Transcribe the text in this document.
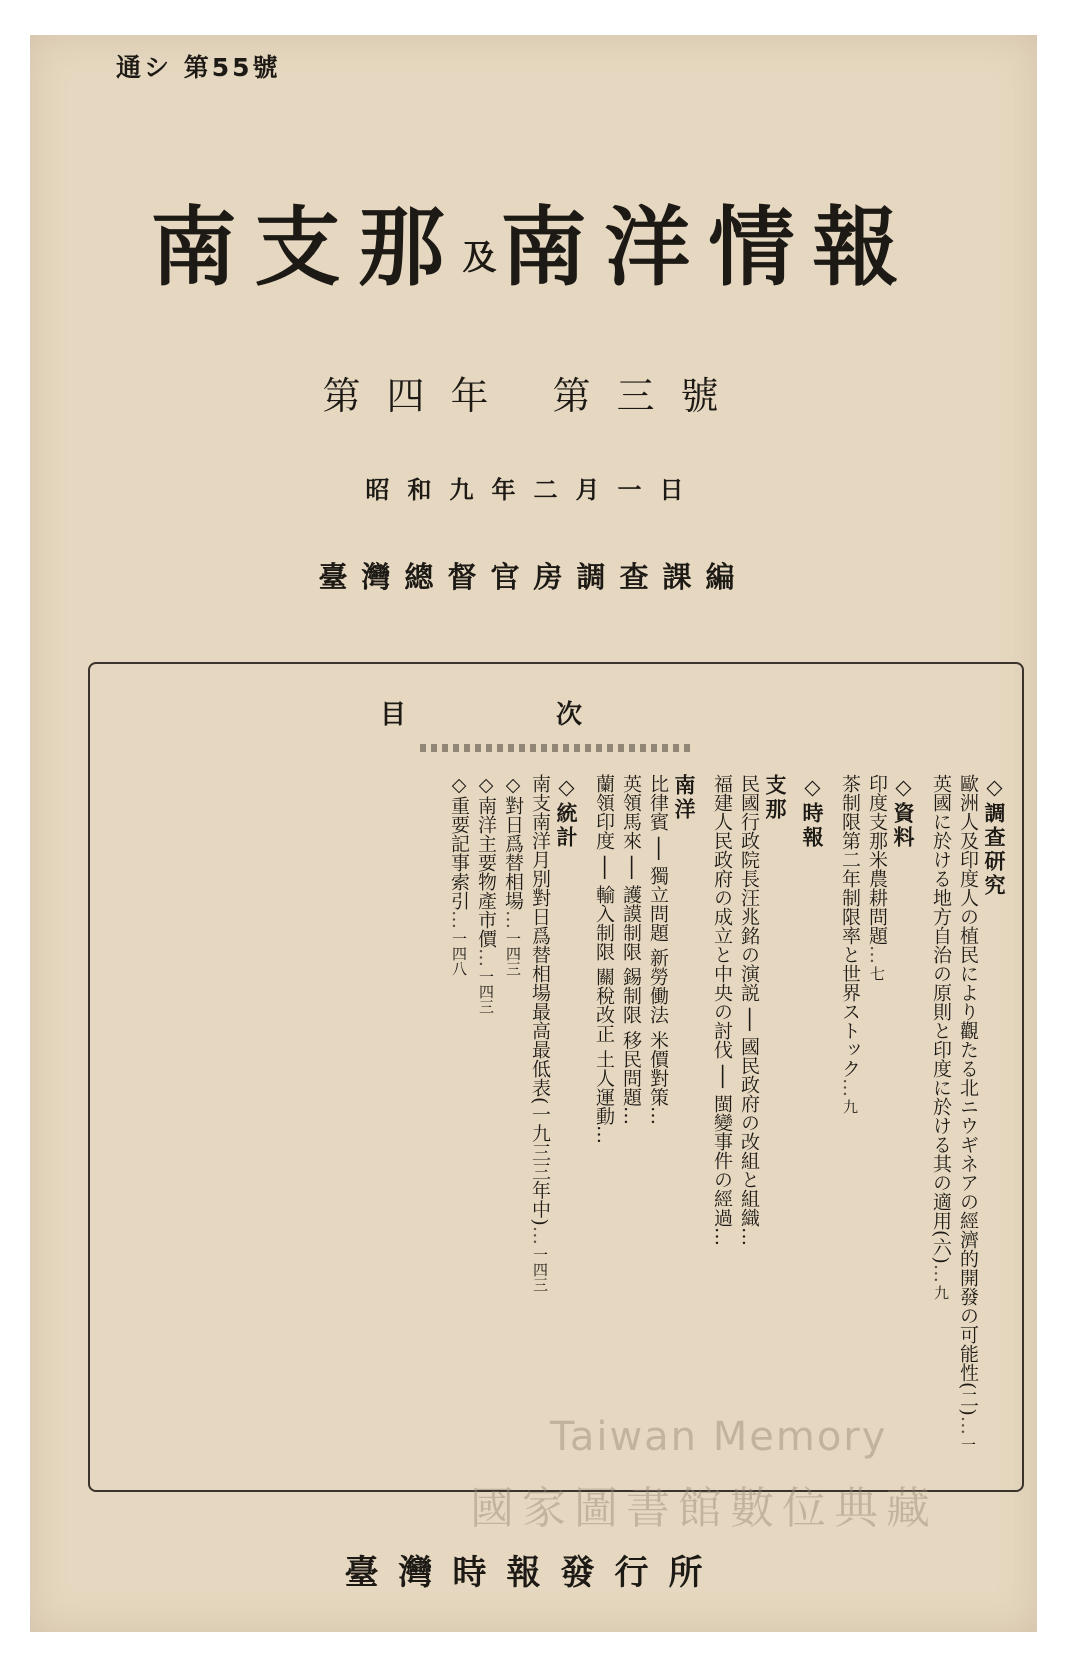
通シ 第55號
南支那及南洋情報
第四年 第三號
昭和九年二月一日
臺灣總督官房調查課編
目次
◇調查研究
歐洲人及印度人の植民により觀たる北ニウギネアの經濟的開發の可能性(二)…一
英國に於ける地方自治の原則と印度に於ける其の適用(六)…九
◇資料
印度支那米農耕問題…七
茶制限第二年制限率と世界ストック…九
◇時報
支那
民國行政院長汪兆銘の演説 ── 國民政府の改組と組織…
福建人民政府の成立と中央の討伐 ── 閩變事件の經過…
南洋
比律賓 ── 獨立問題 新勞働法 米價對策…
英領馬來 ── 護謨制限 錫制限 移民問題…
蘭領印度 ── 輸入制限 關稅改正 土人運動…
◇統計
南支南洋月別對日爲替相場最高最低表(一九三三年中)…一四三
◇對日爲替相場…一四三
◇南洋主要物產市價…一四三
◇重要記事索引…一四八
Taiwan Memory
國家圖書館數位典藏
臺灣時報發行所
